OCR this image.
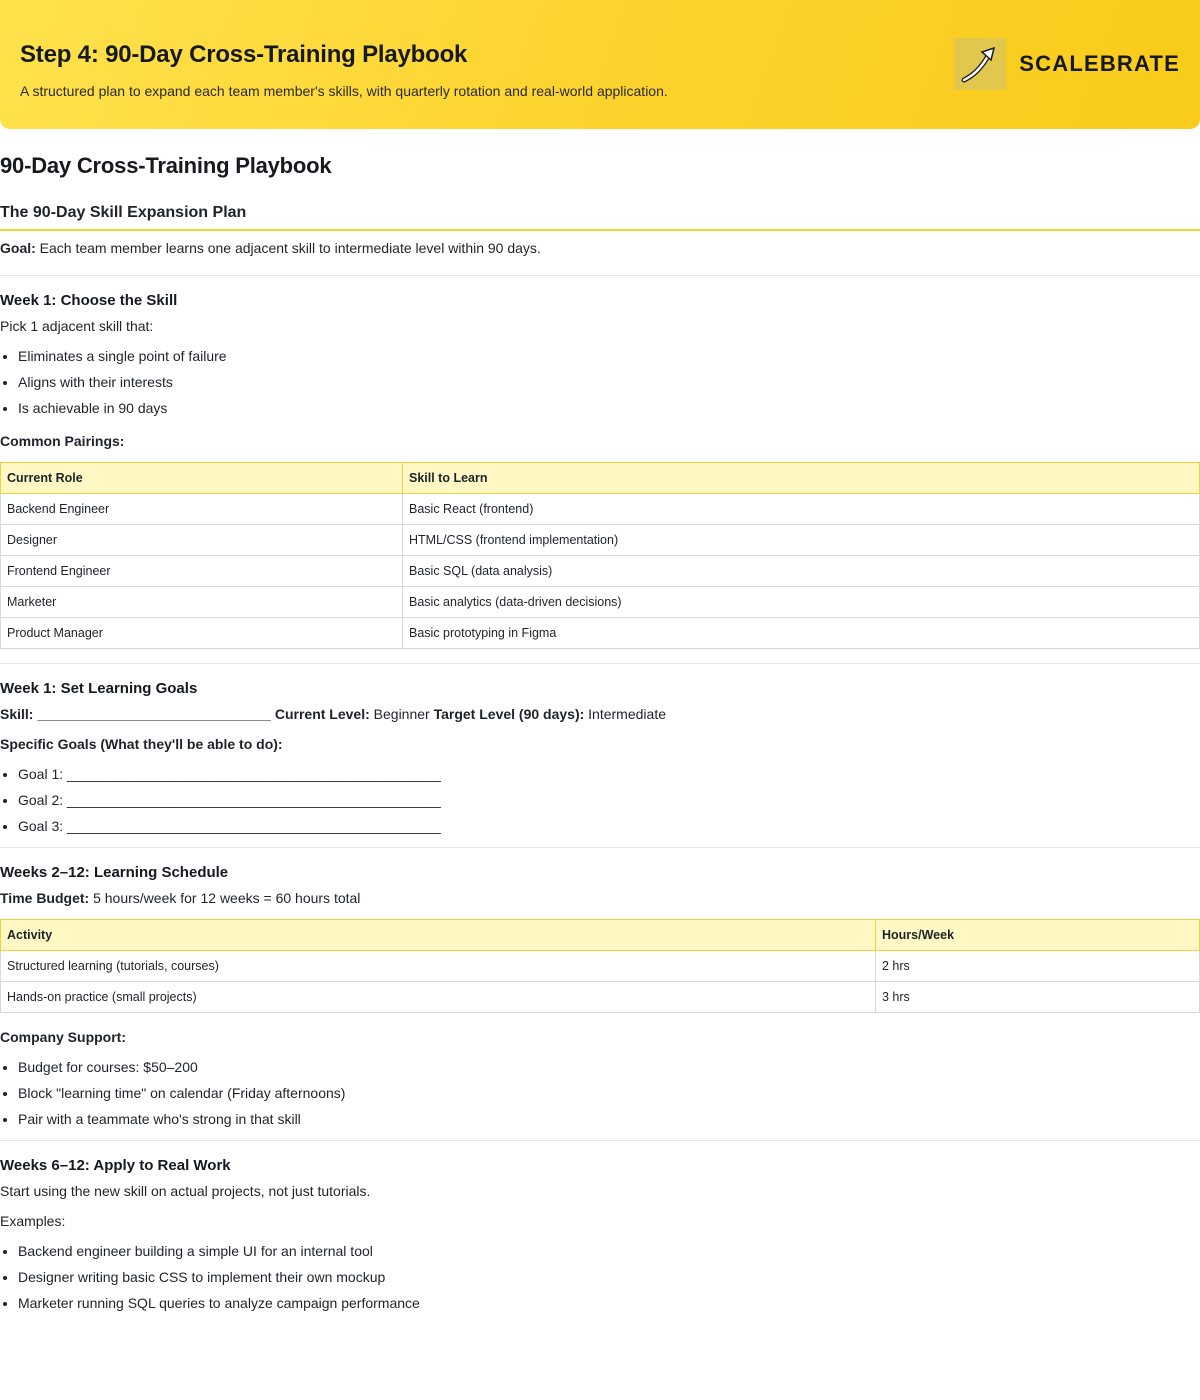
Step 4: 90-Day Cross-Training Playbook

A structured plan to expand each team member's skills, with quarterly rotation and real-world application.

SCALEBRATE
90-Day Cross-Training Playbook
The 90-Day Skill Expansion Plan

Goal: Each team member learns one adjacent skill to intermediate level within 90 days.

Week 1: Choose the Skill

Pick 1 adjacent skill that:

• Eliminates a single point of failure
• Aligns with their interests
• Is achievable in 90 days

Common Pairings:

Current Role	Skill to Learn
Backend Engineer	Basic React (frontend)
Designer	HTML/CSS (frontend implementation)
Frontend Engineer	Basic SQL (data analysis)
Marketer	Basic analytics (data-driven decisions)
Product Manager	Basic prototyping in Figma
Week 1: Set Learning Goals

Skill: ______________________________ Current Level: Beginner Target Level (90 days): Intermediate

Specific Goals (What they'll be able to do):

• Goal 1: ________________________________________________
• Goal 2: ________________________________________________
• Goal 3: ________________________________________________
Weeks 2–12: Learning Schedule

Time Budget: 5 hours/week for 12 weeks = 60 hours total

Activity	Hours/Week
Structured learning (tutorials, courses)	2 hrs
Hands-on practice (small projects)	3 hrs

Company Support:

• Budget for courses: $50–200
• Block "learning time" on calendar (Friday afternoons)
• Pair with a teammate who's strong in that skill
Weeks 6–12: Apply to Real Work

Start using the new skill on actual projects, not just tutorials.

Examples:

• Backend engineer building a simple UI for an internal tool
• Designer writing basic CSS to implement their own mockup
• Marketer running SQL queries to analyze campaign performance
